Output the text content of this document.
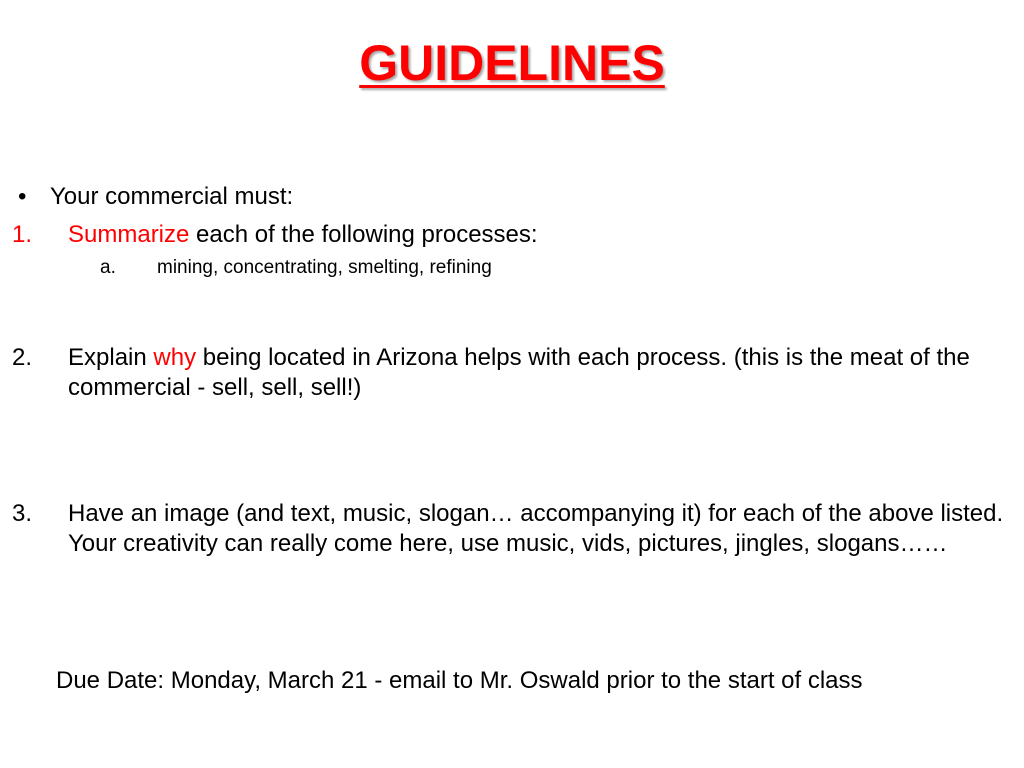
GUIDELINES
• Your commercial must:
1. Summarize each of the following processes:
a. mining, concentrating, smelting, refining
2. Explain why being located in Arizona helps with each process. (this is the meat of the commercial - sell, sell, sell!)
3. Have an image (and text, music, slogan… accompanying it) for each of the above listed. Your creativity can really come here, use music, vids, pictures, jingles, slogans……
Due Date: Monday, March 21 - email to Mr. Oswald prior to the start of class
